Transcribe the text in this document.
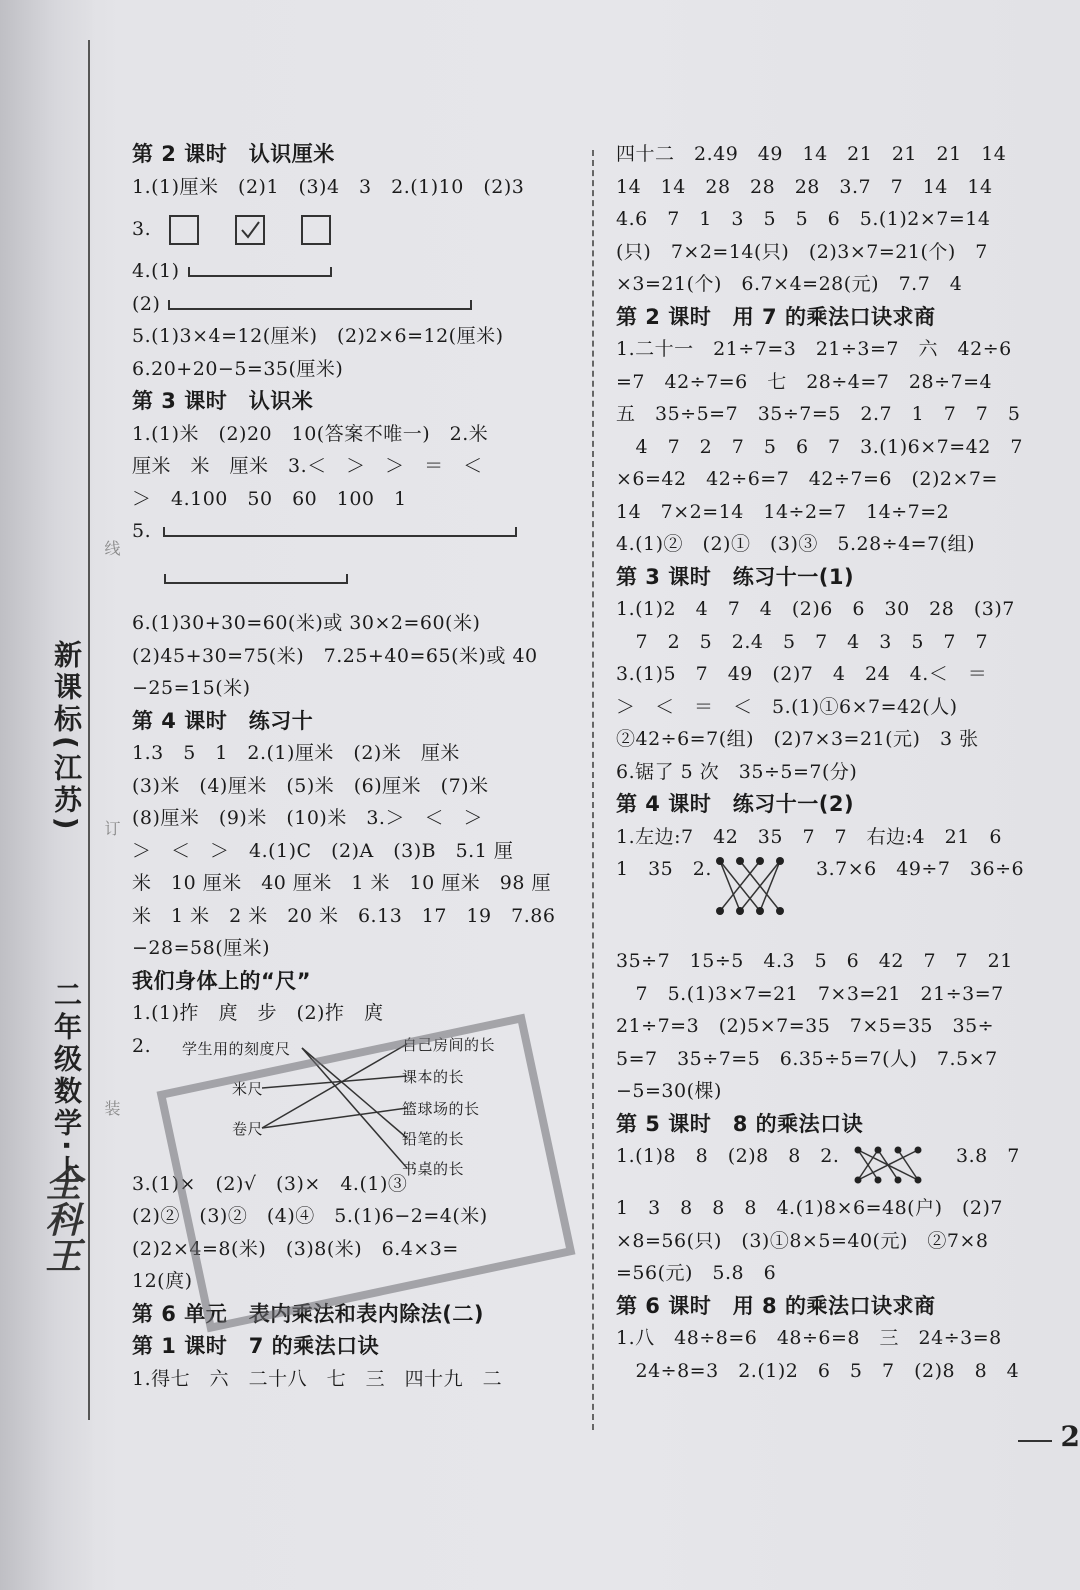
新课标(江苏)
二年级数学·上
全科王
线
订
装
第 2 课时　认识厘米
1.(1)厘米　(2)1　(3)4　3　2.(1)10　(2)3
3.
4.(1)
(2)
5.(1)3×4=12(厘米)　(2)2×6=12(厘米)
6.20+20−5=35(厘米)
第 3 课时　认识米
1.(1)米　(2)20　10(答案不唯一)　2.米
厘米　米　厘米　3.＜　＞　＞　＝　＜
＞　4.100　50　60　100　1
5.
6.(1)30+30=60(米)或 30×2=60(米)
(2)45+30=75(米)　7.25+40=65(米)或 40
−25=15(米)
第 4 课时　练习十
1.3　5　1　2.(1)厘米　(2)米　厘米
(3)米　(4)厘米　(5)米　(6)厘米　(7)米
(8)厘米　(9)米　(10)米　3.＞　＜　＞
＞　＜　＞　4.(1)C　(2)A　(3)B　5.1 厘
米　10 厘米　40 厘米　1 米　10 厘米　98 厘
米　1 米　2 米　20 米　6.13　17　19　7.86
−28=58(厘米)
我们身体上的“尺”
1.(1)拃　庹　步　(2)拃　庹
2. 学生用的刻度尺
米尺
卷尺
自己房间的长
课本的长
篮球场的长
铅笔的长
书桌的长
3.(1)×　(2)√　(3)×　4.(1)③
(2)②　(3)②　(4)④　5.(1)6−2=4(米)
(2)2×4=8(米)　(3)8(米)　6.4×3=
12(庹)
第 6 单元　表内乘法和表内除法(二)
第 1 课时　7 的乘法口诀
1.得七　六　二十八　七　三　四十九　二
四十二　2.49　49　14　21　21　21　14
14　14　28　28　28　3.7　7　14　14
4.6　7　1　3　5　5　6　5.(1)2×7=14
(只)　7×2=14(只)　(2)3×7=21(个)　7
×3=21(个)　6.7×4=28(元)　7.7　4
第 2 课时　用 7 的乘法口诀求商
1.二十一　21÷7=3　21÷3=7　六　42÷6
=7　42÷7=6　七　28÷4=7　28÷7=4
五　35÷5=7　35÷7=5　2.7　1　7　7　5
　4　7　2　7　5　6　7　3.(1)6×7=42　7
×6=42　42÷6=7　42÷7=6　(2)2×7=
14　7×2=14　14÷2=7　14÷7=2
4.(1)②　(2)①　(3)③　5.28÷4=7(组)
第 3 课时　练习十一(1)
1.(1)2　4　7　4　(2)6　6　30　28　(3)7
　7　2　5　2.4　5　7　4　3　5　7　7
3.(1)5　7　49　(2)7　4　24　4.＜　＝
＞　＜　＝　＜　5.(1)①6×7=42(人)
②42÷6=7(组)　(2)7×3=21(元)　3 张
6.锯了 5 次　35÷5=7(分)
第 4 课时　练习十一(2)
1.左边:7　42　35　7　7　右边:4　21　6
1　35　2.	3.7×6　49÷7　36÷6
35÷7　15÷5　4.3　5　6　42　7　7　21
　7　5.(1)3×7=21　7×3=21　21÷3=7
21÷7=3　(2)5×7=35　7×5=35　35÷
5=7　35÷7=5　6.35÷5=7(人)　7.5×7
−5=30(棵)
第 5 课时　8 的乘法口诀
1.(1)8　8　(2)8　8　2.	3.8　7
1　3　8　8　8　4.(1)8×6=48(户)　(2)7
×8=56(只)　(3)①8×5=40(元)　②7×8
=56(元)　5.8　6
第 6 课时　用 8 的乘法口诀求商
1.八　48÷8=6　48÷6=8　三　24÷3=8
　24÷8=3　2.(1)2　6　5　7　(2)8　8　4
2
